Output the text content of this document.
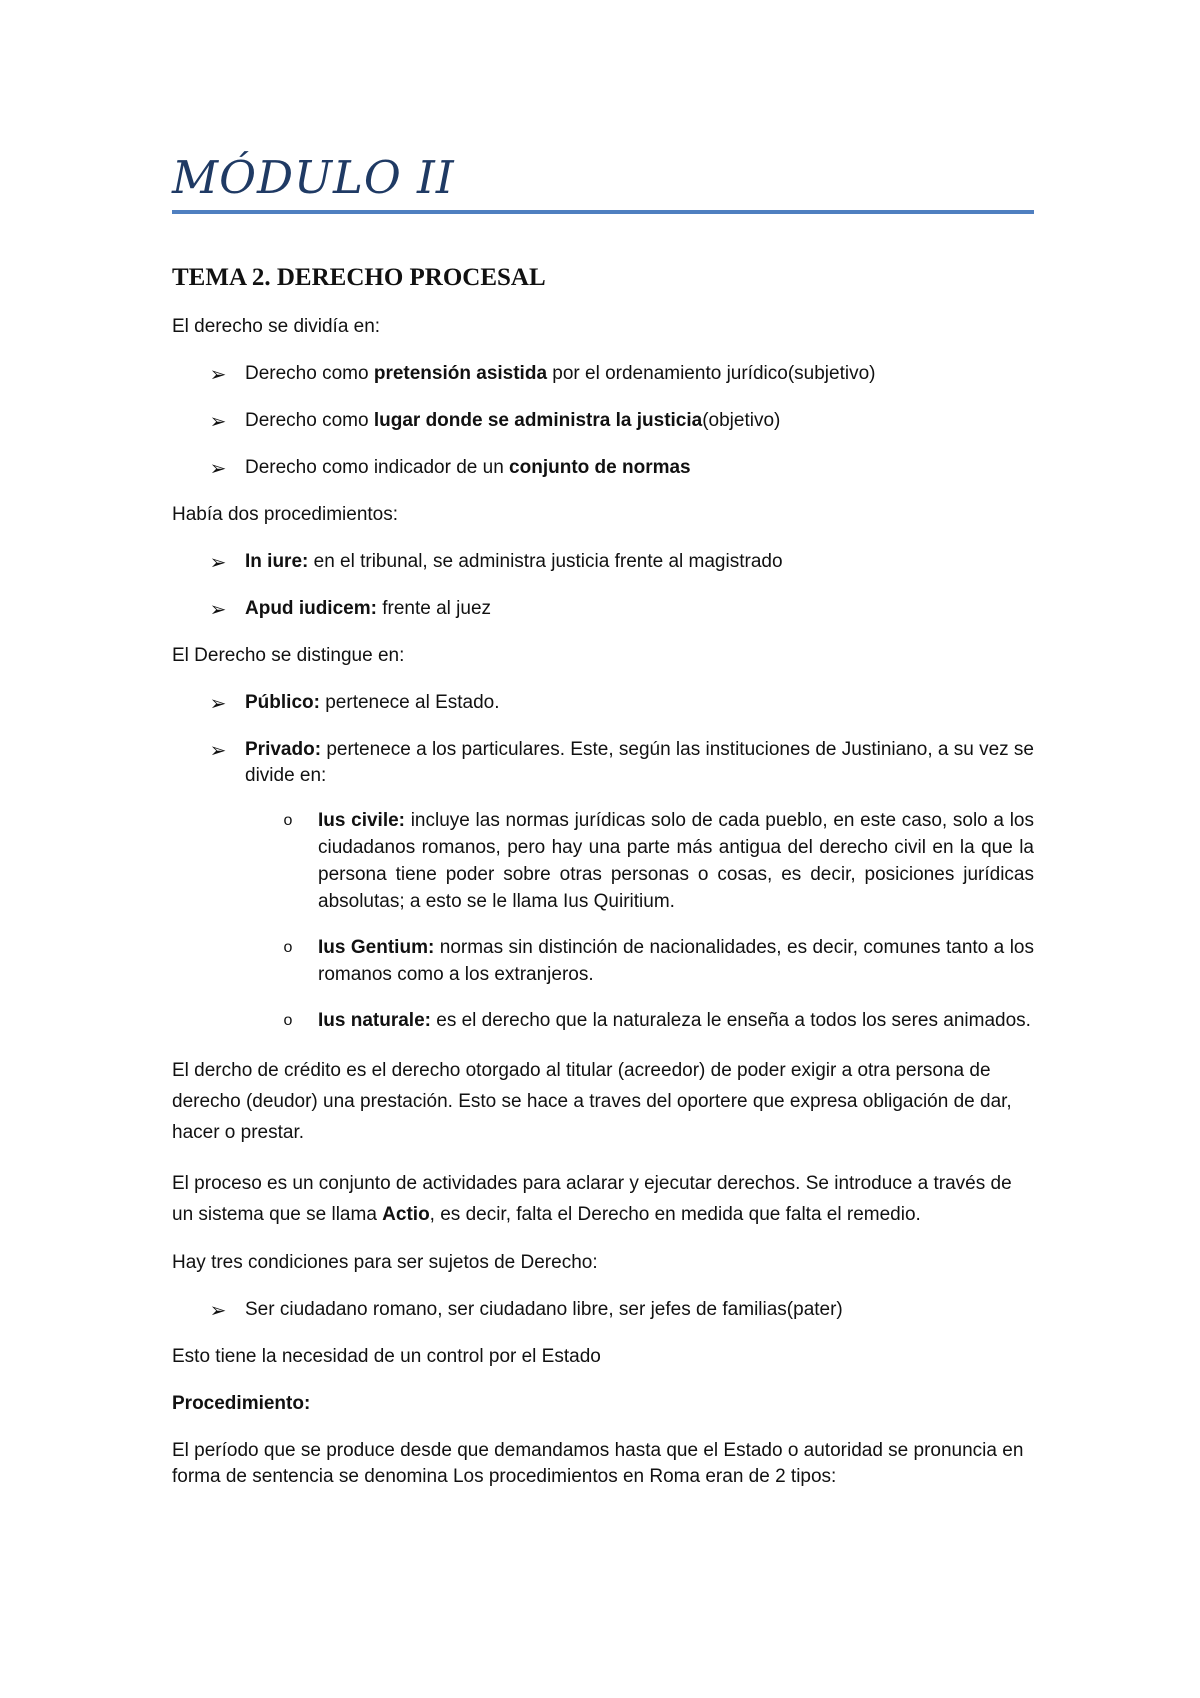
MÓDULO II
TEMA 2. DERECHO PROCESAL

El derecho se dividía en:

➢ Derecho como pretensión asistida por el ordenamiento jurídico(subjetivo)
➢ Derecho como lugar donde se administra la justicia(objetivo)
➢ Derecho como indicador de un conjunto de normas

Había dos procedimientos:

➢ In iure: en el tribunal, se administra justicia frente al magistrado
➢ Apud iudicem: frente al juez

El Derecho se distingue en:

➢ Público: pertenece al Estado.
➢ Privado: pertenece a los particulares. Este, según las instituciones de Justiniano, a su vez se divide en:
o Ius civile: incluye las normas jurídicas solo de cada pueblo, en este caso, solo a los ciudadanos romanos, pero hay una parte más antigua del derecho civil en la que la persona tiene poder sobre otras personas o cosas, es decir, posiciones jurídicas absolutas; a esto se le llama Ius Quiritium.
o Ius Gentium: normas sin distinción de nacionalidades, es decir, comunes tanto a los romanos como a los extranjeros.
o Ius naturale: es el derecho que la naturaleza le enseña a todos los seres animados.

El dercho de crédito es el derecho otorgado al titular (acreedor) de poder exigir a otra persona de derecho (deudor) una prestación. Esto se hace a traves del oportere que expresa obligación de dar, hacer o prestar.

El proceso es un conjunto de actividades para aclarar y ejecutar derechos. Se introduce a través de un sistema que se llama Actio, es decir, falta el Derecho en medida que falta el remedio.

Hay tres condiciones para ser sujetos de Derecho:

➢ Ser ciudadano romano, ser ciudadano libre, ser jefes de familias(pater)

Esto tiene la necesidad de un control por el Estado

Procedimiento:

El período que se produce desde que demandamos hasta que el Estado o autoridad se pronuncia en forma de sentencia se denomina Los procedimientos en Roma eran de 2 tipos:
